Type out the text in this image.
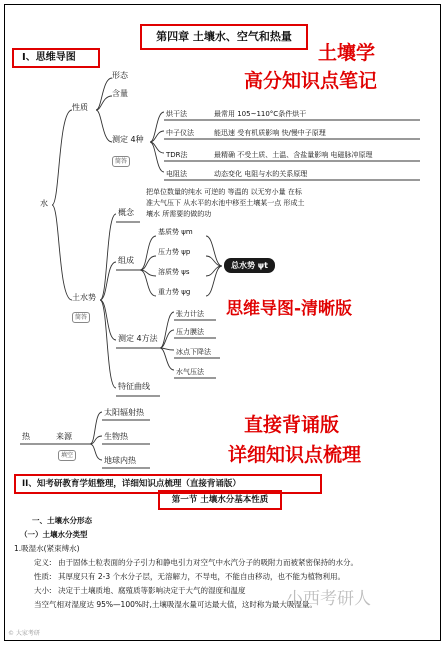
第四章 土壤水、空气和热量
I、思维导图	土壤学
高分知识点笔记
思维导图-清晰版
直接背诵版
详细知识点梳理
水
性质
形态
含量
测定 4种
简答
烘干法	最常用 105~110°C条件烘干
中子仪法	能迅速 受有机质影响 快/慢中子原理
TDR法	最精确 不受土质、土温、含盐量影响 电磁脉冲原理
电阻法	动态变化 电阻与水的关系原理
土水势
简答
概念
把单位数量的纯水 可逆的 等温的 以无穷小量 在标
准大气压下 从水平的水池中移至土壤某一点 形成土
壤水 所需要的做的功
组成
基质势 ψm
压力势 ψp
溶质势 ψs
重力势 ψg
总水势 ψt
测定 4方法
张力计法
压力膜法
冰点下降法
水气压法
特征曲线
热	来源
填空
太阳辐射热
生物热
地球内热
II、知考研教育学姐整理，详细知识点梳理（直接背诵版）
第一节 土壤水分基本性质
一、土壤水分形态
（一）土壤水分类型
1.吸湿水(紧束缚水)
定义: 由于固体土粒表面的分子引力和静电引力对空气中水汽分子的吸附力而被紧密保持的水分。
性质: 其厚度只有 2-3 个水分子层，无溶解力，不导电，不能自由移动，也不能为植物利用。
大小: 决定于土壤质地、腐殖质等影响决定于大气的湿度和温度
当空气相对湿度达 95%—100%时,土壤吸湿水量可达最大值，这时称为最大吸湿量。
小西考研人
© 大家考研
